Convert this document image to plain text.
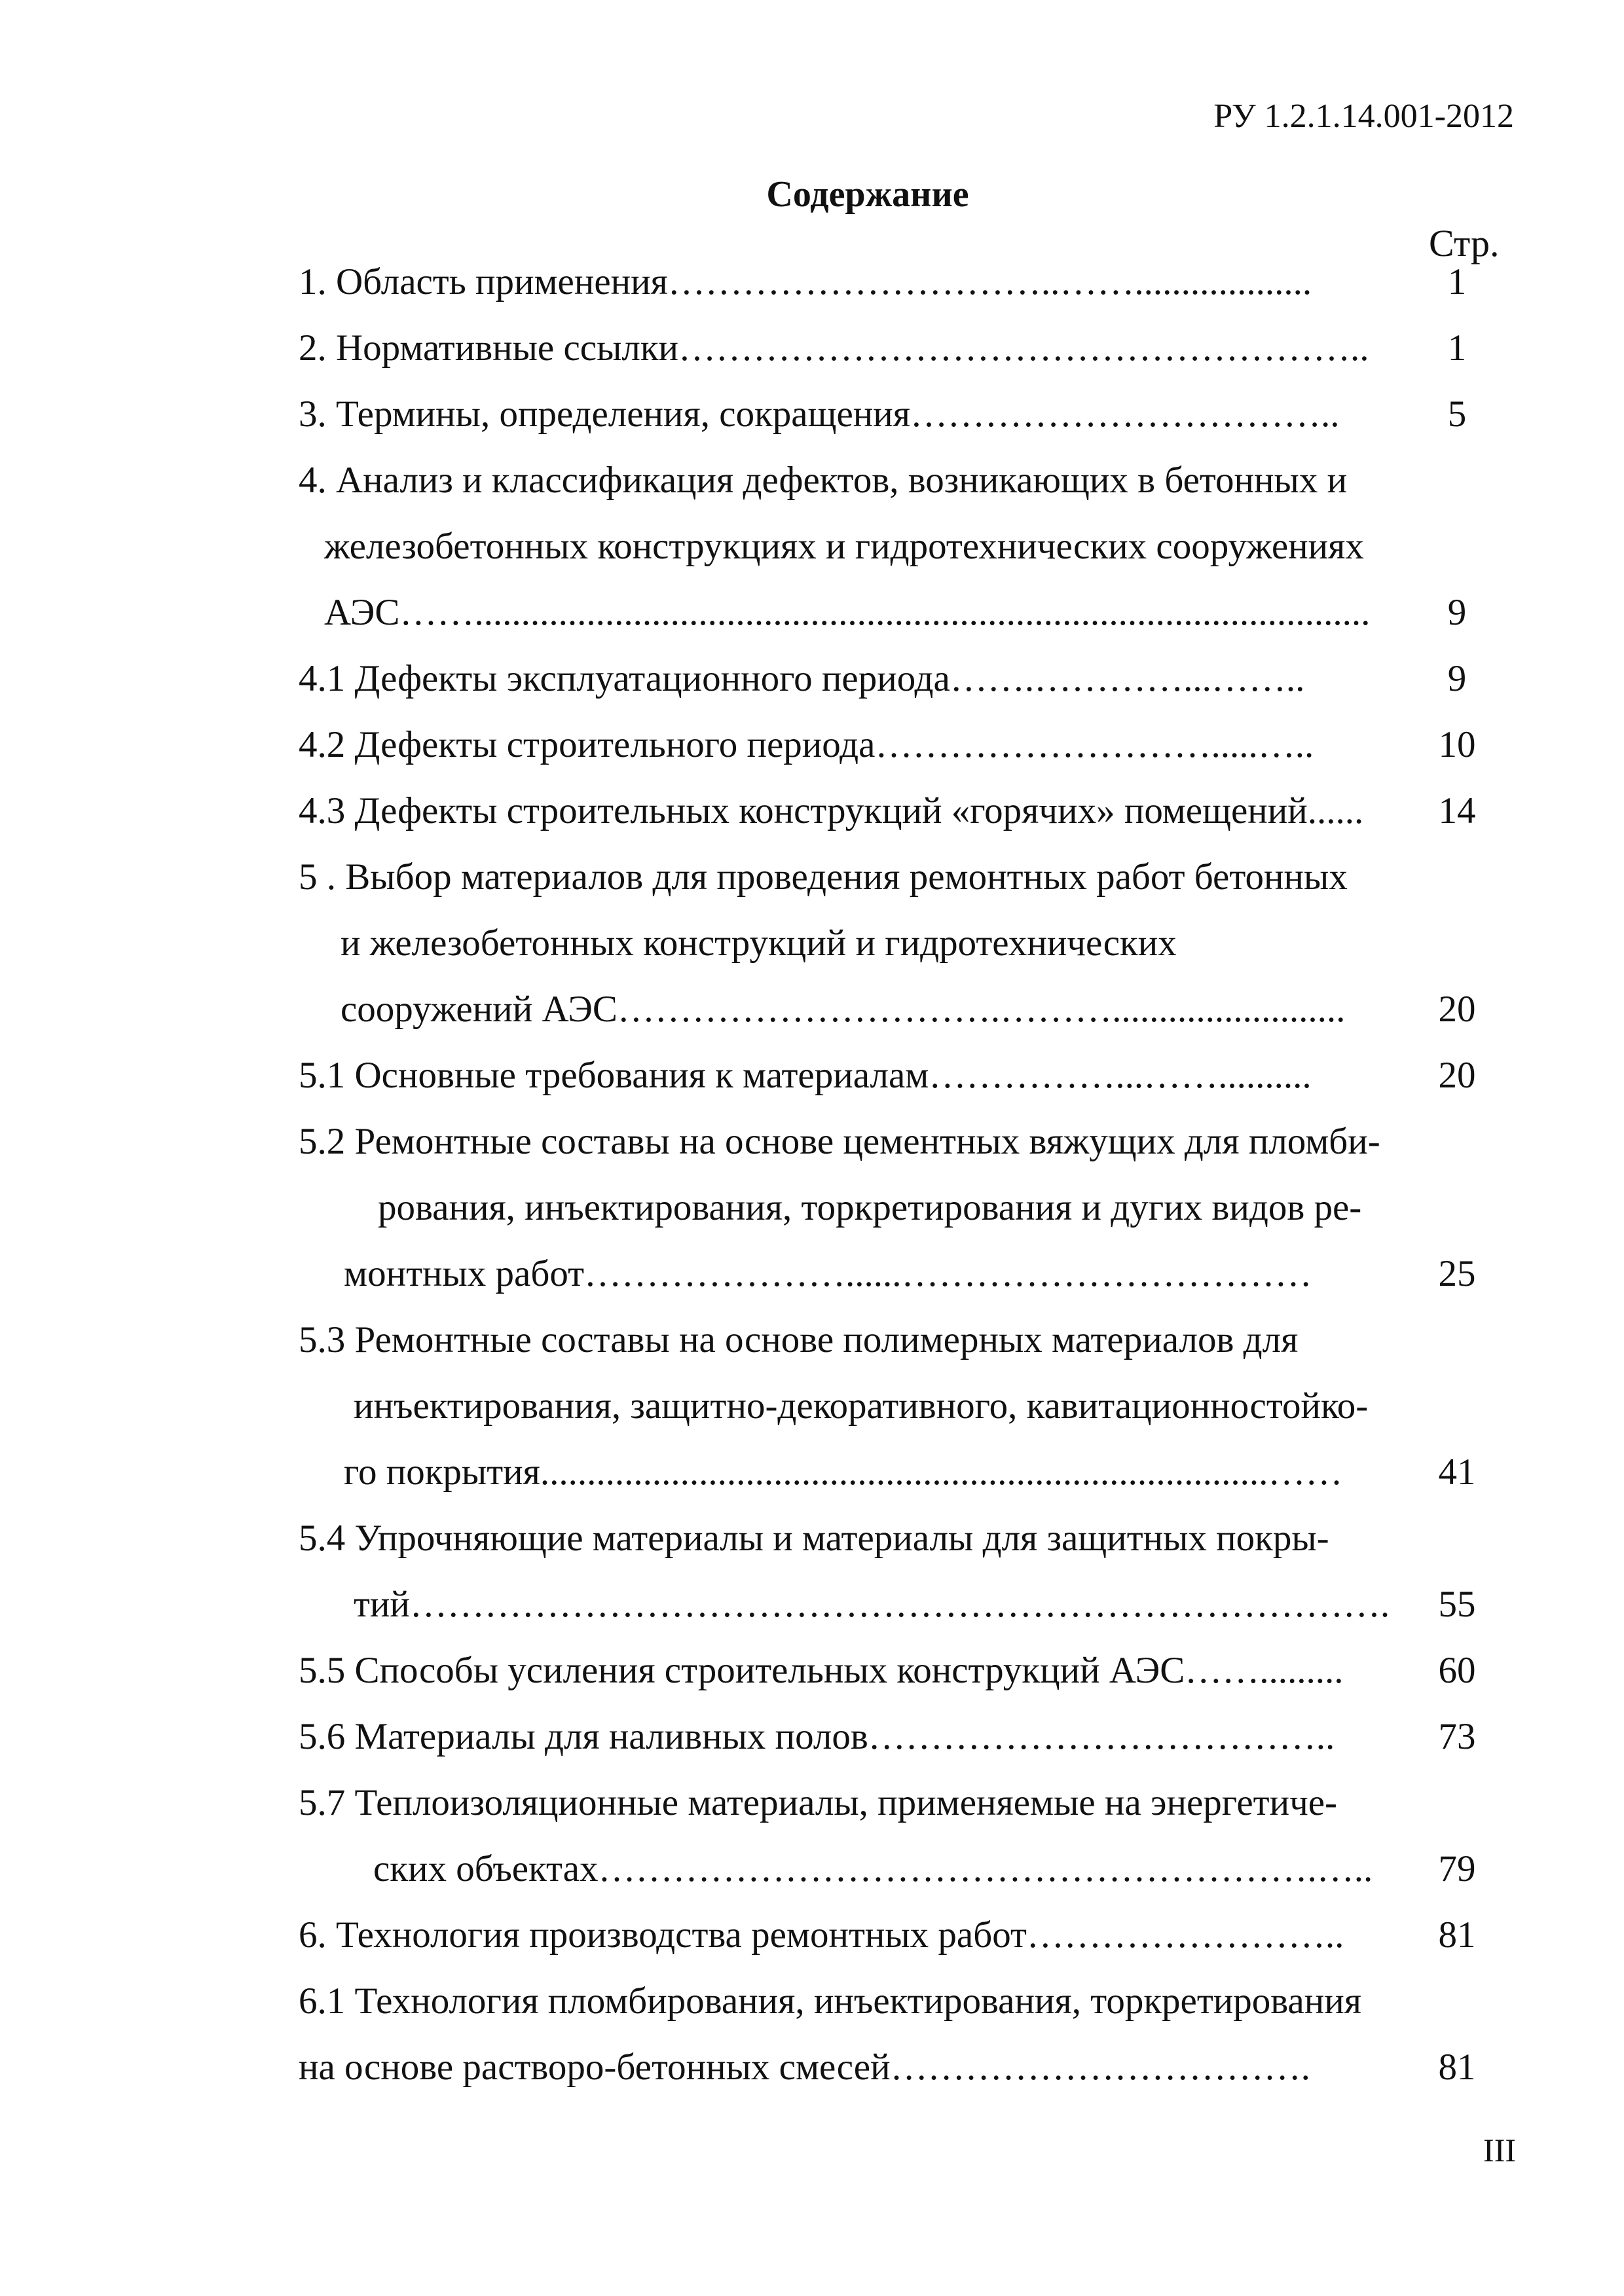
РУ 1.2.1.14.001-2012
Содержание
Стр.
1. Область применения…………………………..……...................	1
2. Нормативные ссылки………………………………………………..	1
3. Термины, определения, сокращения……………………………..	5
4. Анализ и классификация дефектов, возникающих в бетонных и
железобетонных конструкциях и гидротехнических сооружениях
АЭС……................................................................................................	9
4.1 Дефекты эксплуатационного периода…….…………...……..	9
4.2 Дефекты строительного периода……………………….....…..	10
4.3 Дефекты строительных конструкций «горячих» помещений......	14
5 . Выбор материалов для проведения ремонтных работ бетонных
и железобетонных конструкций и гидротехнических
сооружений АЭС………………………….……….........................	20
5.1 Основные требования к материалам……………...……..........	20
5.2 Ремонтные составы на основе цементных вяжущих для пломби-
рования, инъектирования, торкретирования и дугих видов ре-
монтных работ…………………......……………………………	25
5.3 Ремонтные составы на основе полимерных материалов для
инъектирования, защитно-декоративного, кавитационностойко-
го покрытия..............................................................................……	41
5.4 Упрочняющие материалы и материалы для защитных покры-
тий…………………………………………………………………….	55
5.5 Способы усиления строительных конструкций АЭС…….........	60
5.6 Материалы для наливных полов………………………………..	73
5.7 Теплоизоляционные материалы, применяемые на энергетиче-
ских объектах………………………………………………….…..	79
6. Технология производства ремонтных работ……………………..	81
6.1 Технология пломбирования, инъектирования, торкретирования
на основе растворо-бетонных смесей…………………………….	81
III
